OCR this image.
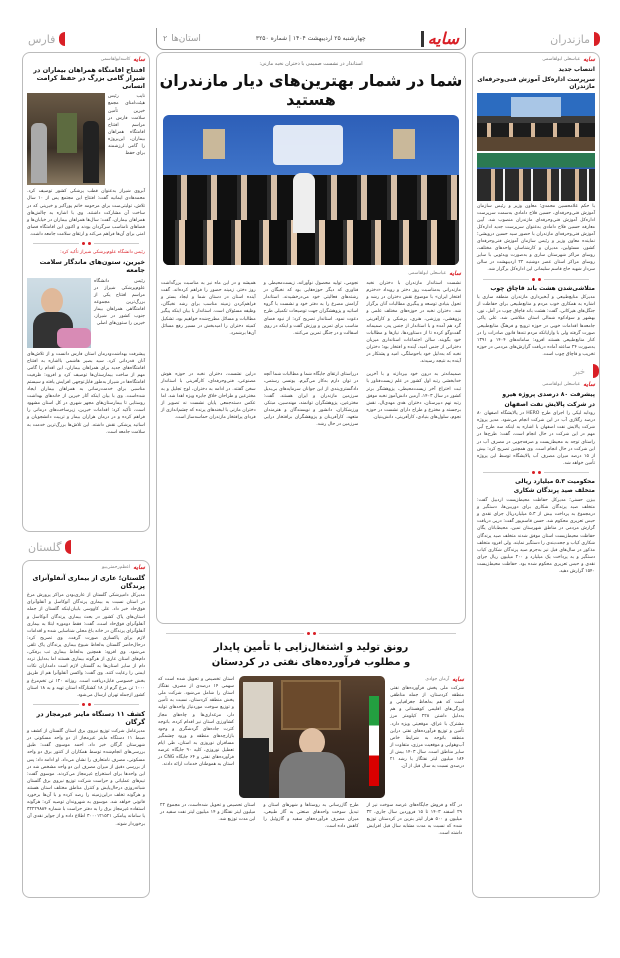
فارس	سایه
چهارشنبه ۲۵ اردیبهشت ۱۴۰۴ | شماره ۳۲۵۰
استان‌ها
۲	مازندران
سایه
کاسه‌ابولقاسمی
افتتاح اقامتگاه همراهان بیماران در شیراز گامی بزرگ در حفظ کرامت انسانی
نایب رئیس هیئت‌امنای مجمع خیرین تأمین سلامت فارس در مراسم افتتاح اقامتگاه همراهان بیماران، این‌پروژه را گامی ارزشمند برای حفظ
آبروی شیراز به‌عنوان قطب پزشکی کشور توصیف کرد. محمدهادی ایمانیه گفت: افتتاح این مجتمع پس از ۱۰ سال تلاش، تولیتی‌ست برای مرحومه خانم پورآکبر و خیرینی که در ساخت آن مشارکت داشتند. وی با اشاره به چالش‌های همراهان بیماران، گفت: سال‌ها همراهان بیماران در خیابان‌ها و فضاهای نامناسب سرگردان بودند و اکنون این اقامتگاه فضای امنی برای آن‌ها فراهم می‌کند و ارتقای سلامت جامعه داشت.
رئیس دانشگاه علوم‌پزشکی شیراز تأکید کرد:
خیرین، ستون‌های ماندگار سلامت جامعه
رئیس دانشگاه علوم‌پزشکی شیراز در مراسم افتتاح یکی از بزرگ‌ترین مجموعه اقامتگاهی همراهان بیمار جنوب کشور در شیراز، خیرین را ستون‌های اصلی
پیشرفت بهداشت‌ودرمان استان فارس دانست و از تلاش‌های آنان قدردانی کرد. سید بصیر هاشمی با‌اشاره به افتتاح اقامتگاه‌های جدید برای همراهان بیماران، این اقدام را گامی مهم از ساخت بیمارستان‌ها توصیف کرد و افزود: ظرفیت اقامتگاه‌ها در شیراز به‌طور قابل‌توجهی افزایش یافته و سیستم مناسبی برای خدمت‌رسانی به همراهان بیماران ایجاد شده‌است. وی با بیان اینکه آثار خیرین از خانه‌های بهداشت روستایی تا بیمارستان‌های مجهز شهری در کل استان مشهود است، تأکید کرد: اقدامات خیرین، زیرساخت‌های درمانی را فراهم کرده و در درمان هزاران بیمار و تربیت دانشجویان و اساتید پزشکی نقش داشته. این تلاش‌ها بزرگ‌ترین خدمت به سلامت جامعه است.
گلستان
سایه
اعظم‌رحمتی‌بیو
گلستان؛ عاری از بیماری آنفلوآنزای پرندگان
مدیرکل دامپزشکی گلستان از عاری‌بودن مراکز پرورش مرغ در استان نسبت به بیماری پرندگان آنوکاسل و آنفلوآنزای فوق‌حاد خبر داد. علی کاووسی بابیان‌اینکه گلستان از جمله استان‌های پاک کشور در بحث بیماری پرندگان آنوکاسل و آنفلوآنزای فوق‌حاد است، گفت: فقط دوموره ابتلا به بیماری آنفلوآنزای پرندگان در خانه باغ محلی شناسایی شده و اقدامات لازم برای پاکسازی صورت گرفت. وی تصریح کرد: درحال‌حاضر گلستان به‌لحاظ شیوع بیماری پرندگان پاک تلقی می‌شود. وی افزود: همچنین به‌لحاظ بیماری تب برفکی، دام‌های استان عاری از هرگونه بیماری هستند اما به‌دلیل تردد دام از سایر استان‌ها به گلستان لازم است دامداران نکات ایمنی را رعایت کنند. وی گفت: واکسن آنفلوآنزا هم از طریق بخش خصوصی قابل‌دریافت است. روزانه ۱۲۰ تن تخم‌مرغ و ۱۰۰۰ تن مرغ گرم از ۱۸ کشتارگاه استان تهیه و به ۱۸ استان کشور ازجمله تهران ارسال می‌شود.
کشف ۱۱ دستگاه ماینر غیرمجاز در گرگان
مدیرعامل شرکت توزیع نیروی برق استان گلستان از کشف و ضبط ۱۱ دستگاه ماینر غیرمجاز از دو واحد مسکونی در شهرستان گرگان خبر داد. احمد موسوی گفت: طبق بررسی‌های انجام‌شده توسط همکاران از کنتور برق دو واحد مسکونی، مصرف نامتعارف را نشان می‌داد. او ادامه داد: پس از بررسی دقیق از میزان مصرف این دو واحد مشخص شد در این واحدها برای استخراج غیرمجاز می‌کردند. موسوی گفت: تیم‌های عملیاتی و حراست شرکت توزیع نیروی برق گلستان شبانه‌روزی درحال‌پایش و کنترل مناطق مختلف استان هستند و هرگونه تخلف دراین‌زمینه را رصد کرده و با آن‌ها برخورد قانونی خواهد شد. موسوی به شهروندان توصیه کرد: هرگونه استفاده غیرمجاز برق را به دفتر حراست با شماره ۳۲۲۲۹۸۸۴ یا سامانه پیامکی ۳۰۰۰۱۲۱۵۲۱ اطلاع داده و از جوایز نقدی آن برخوردار شوند.
استاندار در نشست صمیمی با دختران نخبه مازنی:
شما در شمار بهترین‌های دیار مازندران هستید
سایه
عباسعلی ابولقاسمی
نشست استاندار مازندران با دختران نخبه مازندرانی به‌مناسبت روز دختر و رویداد «دخترم افتخار ایران» با موضوع نقش دختران در رشد و تحول بنیادی توسعه و پیگیری مطالبات آنان برگزار شد. دختران نخبه در حوزه‌های مختلف علمی و پژوهشی، ورزشی، هنری، پزشکی و کارآفرینی گرد هم آمده و با استاندار از جنس پدر، صمیمانه گفت‌وگو کرده تا از دستاوردها، نیازها و مطالبات خود بگویند. سالن اجتماعات استانداری میزبان دخترانی از جنس امید، آینده و افتخار بود؛ دختران نخبه که به‌دلیل خود باحوصلگی، امید و پشتکار در آینده به نتیجه رسیدند.
نجومی، تولید محصول نوآورانه، زیست‌محیطی و فناوری که دیگر حوزه‌هایی بود که نخبگان در رشته‌های فعالیتی خود می‌درخشیدند. استاندار آرامش مصرع را به دفتر خود و نشست با گروه اساتید و پژوهشگران جهت توضیحات تکمیلی طرح دعوت نمود. استاندار تصریح کرد: از نبود فضای مناسب برای تمرین و ورزش گفت و اینکه در روی اسفالت و در جنگل تمرین می‌کنند.
همیشه و در این ماه نیز به مناسبت بزرگداشت روز دختر، زمینه حضور را فراهم کرده‌اند. گفت آینده استان در دستان شما و ایجاد بستر و فراهم‌کردن زمینه مناسب برای رشد نخبگان، وظیفه مسئولان است. استاندار با بیان اینکه پیگیر مطالبات و مسائل مطرح‌شده خواهیم بود، تشکیل کمیته دختران را امیدبخش در مسیر رفع مسائل آن‌ها برشمرد.
صمیمانه‌تر به درون خود بپردازند و با آخرین خدابخشی رتبه اول کشور در علم زیست‌فناور با ثبت اختراع آخر زیست‌محیطی، پژوهشگر برتر کشور در سال ۱۴۰۳، آرمین دانش‌آموز نخبه موفق رتبه نهم دبیرستان، دختران هدی مهدی‌ال، نقش برجسته و مخترع و طراح دارای نشست در حوزه نجوم، سلول‌های بنیادی، کارآفرینی، دانش‌بنیان.
درراستای ارتقای جایگاه شما و مطالبات شما آنچه در توان دارم به‌کار می‌گیرم. یونسی رستمی، دادگستری‌بندی از این جوانان سرمایه‌های بی‌بدیل سرزمین مازندران و ایران هستند. گفت: مخترعین، پژوهشگران توانمند، مهندسین، مبتکر، ورزشکاران، دانشور و نویسندگان و هنرمندان متعهد، کارآفرینان و پژوهشگران برافتخار درایی سرزمین در حال رشد.
دراین نشست، دختران نخبه در حوزه هوش مصنوعی، فنی‌وحرفه‌ای، کارآفرینی با استاندار سخن گفتند. در ادامه به دختران، لوح تجلیل و به مخترعین و طراحان خلاق جایزه ویژه اهدا شد. اما عکس دسته‌جمعی پایان نشست نه تصویر از دختران مازنی با لبخندهای پرنده که چشم‌اندازی از فردای پرافتخار مازندران حماسه‌ساز است.
رونق تولید و اشتغال‌زایی با تأمین پایدار
و مطلوب فرآورده‌های نفتی در کردستان
سایه
آرمان جوادی
شرکت ملی پخش فرآورده‌های نفتی منطقه کردستان، از جمله مناطقی است که هم به‌لحاظ جغرافیایی و ویژگی‌های اقلیمی کوهستانی و هم به‌دلیل داشتن ۲۲۸ کیلومتر مرز مشترک با عراق، موقعیتی ویژه دارد. تأمین و توزیع فرآورده‌های نفتی دراین منطقه باتوجه به شرایط خاص آب‌وهوایی و موقعیت مرزی، متفاوت از سایر مناطق است. سال ۱۴۰۳ بیش از ۱۸۴ میلیون لیتر نفتگاز با رشد ۲۱ درصدی نسبت به سال قبل از آن.
استان تخصیص و تحویل شده است که سهمی ۱۴ درصدی از مصرف نفتگاز استان را شامل می‌شود. شرکت ملی پخش منطقه کردستان، نسبت به تأمین و توزیع سوخت موردنیاز واحدهای تولید دار، مرغداری‌ها و چاه‌های مجاز کشاورزی استان نیز اقدام کرده، باتوجه کثرت جاده‌های گردشگری و وجود بازارچه‌های منطقه و ورود چشمگیر مسافران نوروزی به استان، طی ایام تعطیل نوروزی، کلیه ۹۰ جایگاه عرضه فرآورده‌های نفتی و ۶۴ جایگاه CNG در استان به هموطنان خدمات ارائه دادند.
در گاه و فروش جایگاه‌های عرضه سوخت نیز از ۲۹ اسفند ۱۴۰۳ تا ۱۵ فروردین سال جاری، ۳۲ میلیون و ۵۰۰ هزار لیتر بنزین در کردستان توزیع شده که نسبت به مدت مشابه سال قبل افزایش داشته است.
طرح گازرسانی به روستاها و شهرهای استان و تبدیل سوخت واحدهای صنعتی به گاز طبیعی، میزان مصرف فرآورده‌های سفید و گازوئیل را کاهش داده است.
استان تحصیص و تحویل شده‌است، در مجموع ۲۲ میلیون لیتر نفتگاز و ۱۴ میلیون لیتر نفت سفید در این مدت توزیع شد.
سایه
عباسعلی ابولقاسمی
انتصاب جدید
سرپرست اداره‌کل آموزش فنی‌وحرفه‌ای مازندران
با حکم غلامحسین محمدی؛ معاون وزیر و رئیس سازمان آموزش فنی‌وحرفه‌ای، حسین فلاح دامادی به‌سمت سرپرست اداره‌کل آموزش فنی‌وحرفه‌ای مازندران منصوب شد. آیین معارفه حسین فلاح دامادی به‌عنوان سرپرست جدید اداره‌کل آموزش فنی‌وحرفه‌ای مازندران با حضور سید حسین درویشی؛ نماینده معاون وزیر و رئیس سازمان آموزش فنی‌وحرفه‌ای کشور، مسئولین، مدیران و کارشناسان واحدهای مختلف، روسای مراکز شهرستان ساری و به‌صورت ویدئویی با سایر روسای مراکز استان عصر دوشنبه ۲۲ اردیبهشت در سالن سردار شهید حاج قاسم سلیمانی این اداره‌کل برگزار شد.
متلاشی‌شدن هشت باند قاچاق چوب
مدیرکل منابع‌طبیعی و آبخیزداری مازندران منطقه ساری با اشاره به همکاری خوب مردم و منابع‌طبیعی برای حفاظت از جنگل‌های هیرکانی، گفت: هشت باند قاچاق چوب در آمل، نور، بهشهر و سوادکوه شمالی استان متلاشی شد. علی پاکی جامعه‌ها اقدامات خوبی در حوزه ترویج و فرهنگ منابع‌طبیعی صورت گرفته ولی با وارایانکه مردم تنه‌ها قانون صادرات را در کنار منابع‌طبیعی هستند افزود: سامانه‌های ۱۴۰۴ و ۱۳۹۱ به‌صورت ۲۴ ساعته آماده دریافت گزارش‌های مردمی در حوزه تخریب و قاچاق چوب است.
خبر
سایه
عباسعلی ابولقاسمی
پیشرفت ۸۰ درصدی پروژه هیرو
در شرکت پالایش نفت اصفهان
رودابه لیکی را اجرای طرح HERO در پالایشگاه اصفهان ۸۰ درصد رگلازی آب در این شرکت انجام می‌شود. مدیر پروژه شرکت پالایش نفت اصفهان با اشاره به اینکه سه طرح آبی مهم در این شرکت در حال انجام است، گفت: طرح‌ها در راستای توجه به محیط‌زیست و صرفه‌جویی در مصرف آب در این شرکت در حال انجام است. وی همچنین تصریح کرد: بیش از ۱۵ درصد میزان مصرف آب پالایشگاه توسط این پروژه تأمین خواهد شد.
محکومیت ۵.۳ میلیارد ریالی
متخلف صید پرندگان شکاری
بیژن حسنی؛ مدیرکل حفاظت محیط‌زیست اردبیل گفت: متخلف صید پرندگان شکاری برای دوربین‌ها، دستگیر و درمجموع به پرداخت بیش از ۵.۳ میلیاردریال جزای نقدی و حبس تعزیری محکوم شد. حسن قاسم‌پور گفت: درپی دریافت گزارش مردمی در مناطق شهرستان نمین، محیط‌بانان یگان حفاظت محیط‌زیست استان موفق شدند متخلف صید پرندگان شکاری کیاب و جحت‌بندی را دستگیر نمایند. ولی افزود متخلف مذکور در سال‌های قبل نیز به‌جرم صید پرندگان شکاری کیاب دستگیر و به پرداخت یک میلیارد و ۲۰۰ میلیون ریال جزای نقدی و حبس تعزیری محکوم شده بود. حفاظت محیط‌زیست ۱۵۴۰ گزارش دهید.
